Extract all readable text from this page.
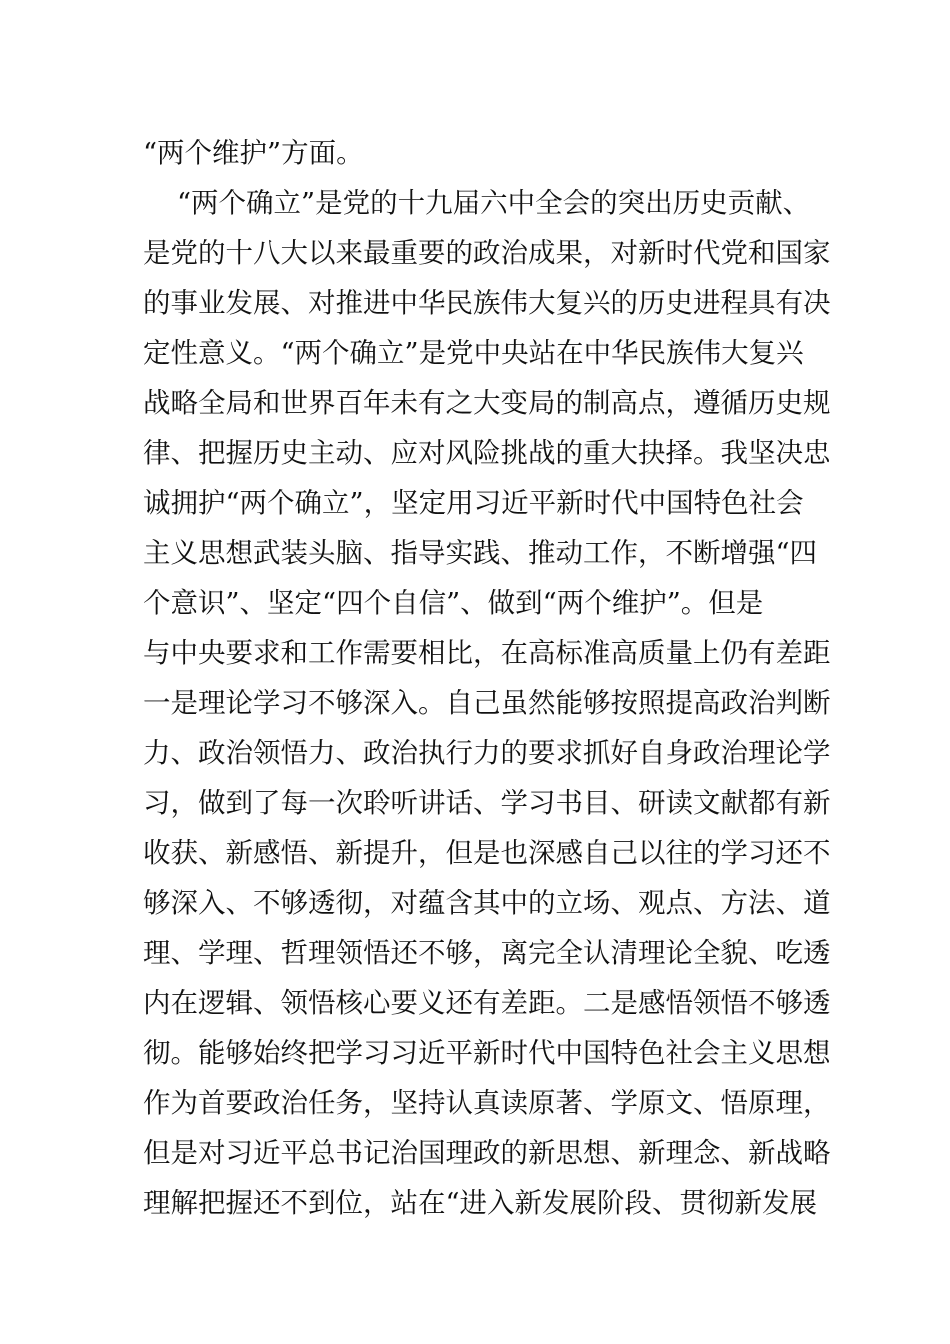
“两个维护”方面。
“两个确立”是党的十九届六中全会的突出历史贡献、
是党的十八大以来最重要的政治成果，对新时代党和国家
的事业发展、对推进中华民族伟大复兴的历史进程具有决
定性意义。“两个确立”是党中央站在中华民族伟大复兴
战略全局和世界百年未有之大变局的制高点，遵循历史规
律、把握历史主动、应对风险挑战的重大抉择。我坚决忠
诚拥护“两个确立”，坚定用习近平新时代中国特色社会
主义思想武装头脑、指导实践、推动工作，不断增强“四
个意识”、坚定“四个自信”、做到“两个维护”。但是
与中央要求和工作需要相比，在高标准高质量上仍有差距
一是理论学习不够深入。自己虽然能够按照提高政治判断
力、政治领悟力、政治执行力的要求抓好自身政治理论学
习，做到了每一次聆听讲话、学习书目、研读文献都有新
收获、新感悟、新提升，但是也深感自己以往的学习还不
够深入、不够透彻，对蕴含其中的立场、观点、方法、道
理、学理、哲理领悟还不够，离完全认清理论全貌、吃透
内在逻辑、领悟核心要义还有差距。二是感悟领悟不够透
彻。能够始终把学习习近平新时代中国特色社会主义思想
作为首要政治任务，坚持认真读原著、学原文、悟原理，
但是对习近平总书记治国理政的新思想、新理念、新战略
理解把握还不到位，站在“进入新发展阶段、贯彻新发展
